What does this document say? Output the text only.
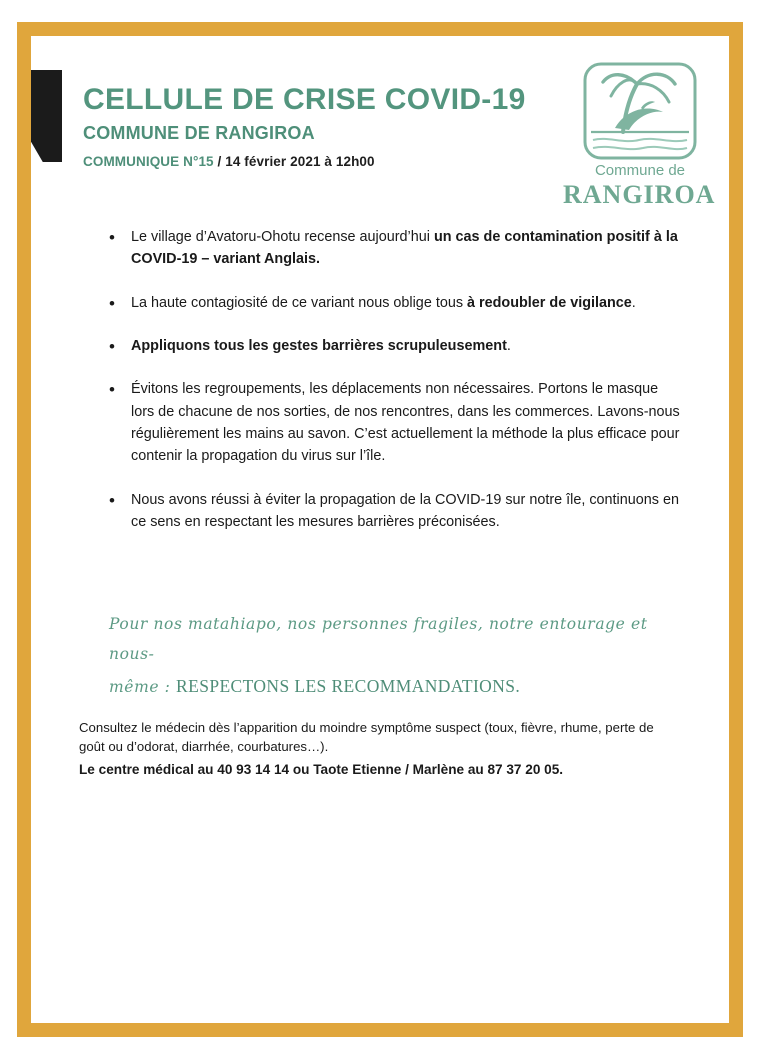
CELLULE DE CRISE COVID-19
COMMUNE DE RANGIROA
COMMUNIQUE N°15 / 14 février 2021 à 12h00
Commune de
RANGIROA
• Le village d’Avatoru-Ohotu recense aujourd’hui un cas de contamination positif à la COVID-19 – variant Anglais.
• La haute contagiosité de ce variant nous oblige tous à redoubler de vigilance.
• Appliquons tous les gestes barrières scrupuleusement.
• Évitons les regroupements, les déplacements non nécessaires. Portons le masque lors de chacune de nos sorties, de nos rencontres, dans les commerces. Lavons-nous régulièrement les mains au savon. C’est actuellement la méthode la plus efficace pour contenir la propagation du virus sur l’île.
• Nous avons réussi à éviter la propagation de la COVID-19 sur notre île, continuons en ce sens en respectant les mesures barrières préconisées.
Pour nos matahiapo, nos personnes fragiles, notre entourage et nous-
même : RESPECTONS LES RECOMMANDATIONS.
Consultez le médecin dès l’apparition du moindre symptôme suspect (toux, fièvre, rhume, perte de goût ou d’odorat, diarrhée, courbatures…).
Le centre médical au 40 93 14 14 ou Taote Etienne / Marlène au 87 37 20 05.
